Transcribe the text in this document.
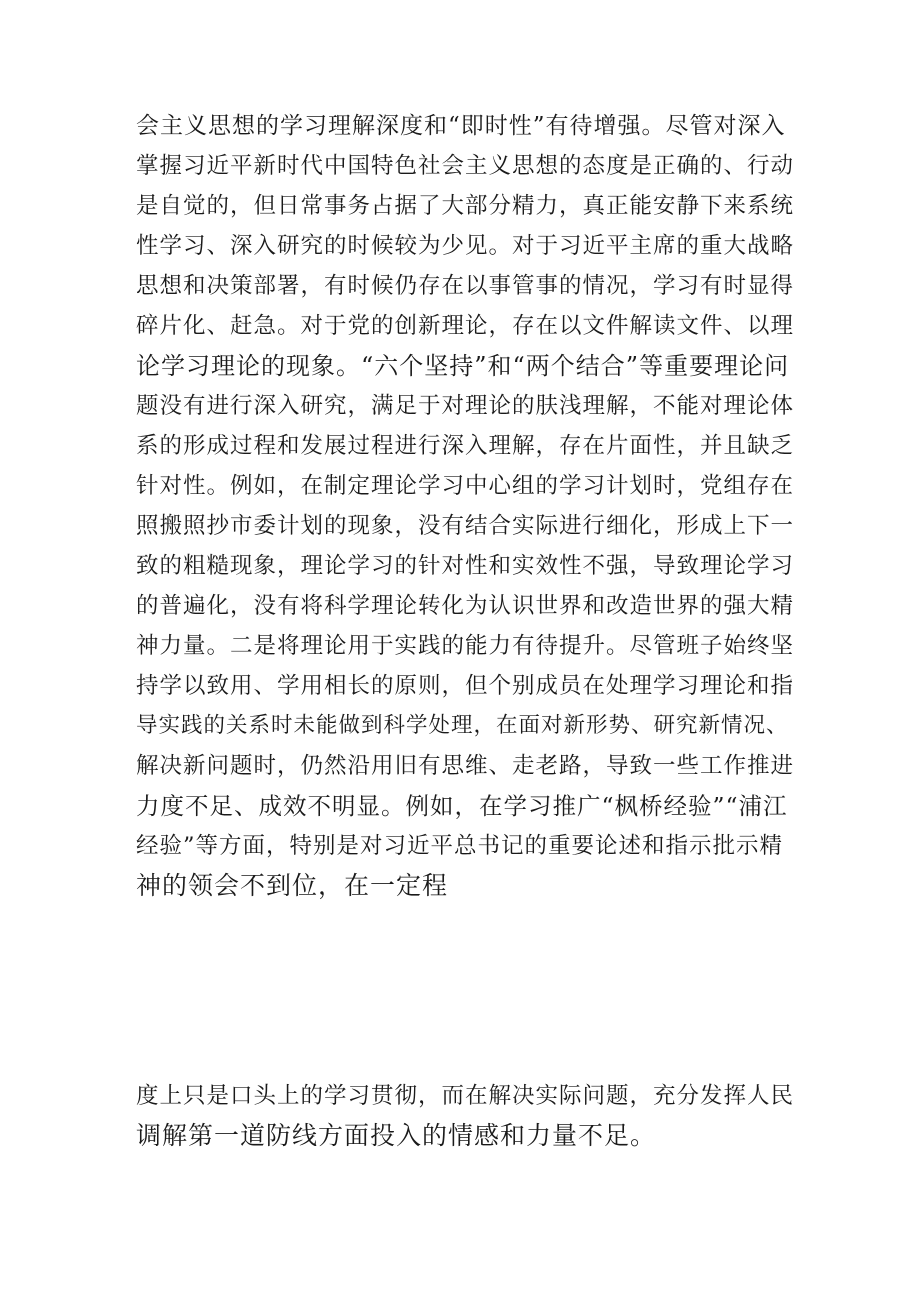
会主义思想的学习理解深度和“即时性”有待增强。尽管对深入
掌握习近平新时代中国特色社会主义思想的态度是正确的、行动
是自觉的，但日常事务占据了大部分精力，真正能安静下来系统
性学习、深入研究的时候较为少见。对于习近平主席的重大战略
思想和决策部署，有时候仍存在以事管事的情况，学习有时显得
碎片化、赶急。对于党的创新理论，存在以文件解读文件、以理
论学习理论的现象。“六个坚持”和“两个结合”等重要理论问
题没有进行深入研究，满足于对理论的肤浅理解，不能对理论体
系的形成过程和发展过程进行深入理解，存在片面性，并且缺乏
针对性。例如，在制定理论学习中心组的学习计划时，党组存在
照搬照抄市委计划的现象，没有结合实际进行细化，形成上下一
致的粗糙现象，理论学习的针对性和实效性不强，导致理论学习
的普遍化，没有将科学理论转化为认识世界和改造世界的强大精
神力量。二是将理论用于实践的能力有待提升。尽管班子始终坚
持学以致用、学用相长的原则，但个别成员在处理学习理论和指
导实践的关系时未能做到科学处理，在面对新形势、研究新情况、
解决新问题时，仍然沿用旧有思维、走老路，导致一些工作推进
力度不足、成效不明显。例如，在学习推广“枫桥经验”“浦江
经验”等方面，特别是对习近平总书记的重要论述和指示批示精
神的领会不到位，在一定程
度上只是口头上的学习贯彻，而在解决实际问题，充分发挥人民
调解第一道防线方面投入的情感和力量不足。
